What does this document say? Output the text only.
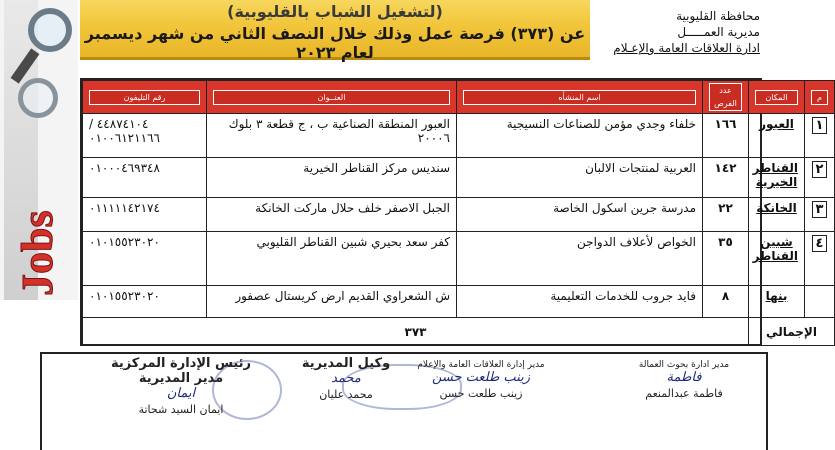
Jobs
(لتشغيل الشباب بالقليوبية)
عن (٣٧٣) فرصة عمل وذلك خلال النصف الثاني من شهر ديسمبر لعام ٢٠٢٣
محافظة القليوبية
مديرية العمـــــل
ادارة العلاقات العامة والإعـلام
م	المكان	عدد الفرص	اسم المنشأه	العنــوان	رقم التليفون

١	العبور	١٦٦	خلفاء وجدي مؤمن للصناعات النسيجية	العبور المنطقة الصناعية ب ، ج قطعة ٣ بلوك ٢٠٠٠٦	٤٤٨٧٤١٠٤ / ٠١٠٠٦١٢١١٦٦
٢	القناطر الخيرية	١٤٢	العربية لمنتجات الالبان	سنديس مركز القناطر الخيرية	٠١٠٠٠٤٦٩٣٤٨
٣	الخانكة	٢٢	مدرسة جرين اسكول الخاصة	الجبل الاصفر خلف حلال ماركت الخانكة	٠١١١١١٤٢١٧٤
٤	شبين القناطر	٣٥	الخواص لأعلاف الدواجن	كفر سعد بحيري شبين القناطر القليوبي	٠١٠١٥٥٢٣٠٢٠
	بنها	٨	فايد جروب للخدمات التعليمية	ش الشعراوي القديم ارض كريستال عصفور	٠١٠١٥٥٢٣٠٢٠
الإجمالي		٣٧٣			
مدير ادارة بحوث العمالة
فاطمة
فاطمة عبدالمنعم
مدير إدارة العلاقات العامة والإعلام
زينب طلعت حسن
زينب طلعت حسن
وكيل المديرية
محمد
محمد عليان
رئيس الإدارة المركزية
مدير المديرية
ايمان
ايمان السيد شحاتة
